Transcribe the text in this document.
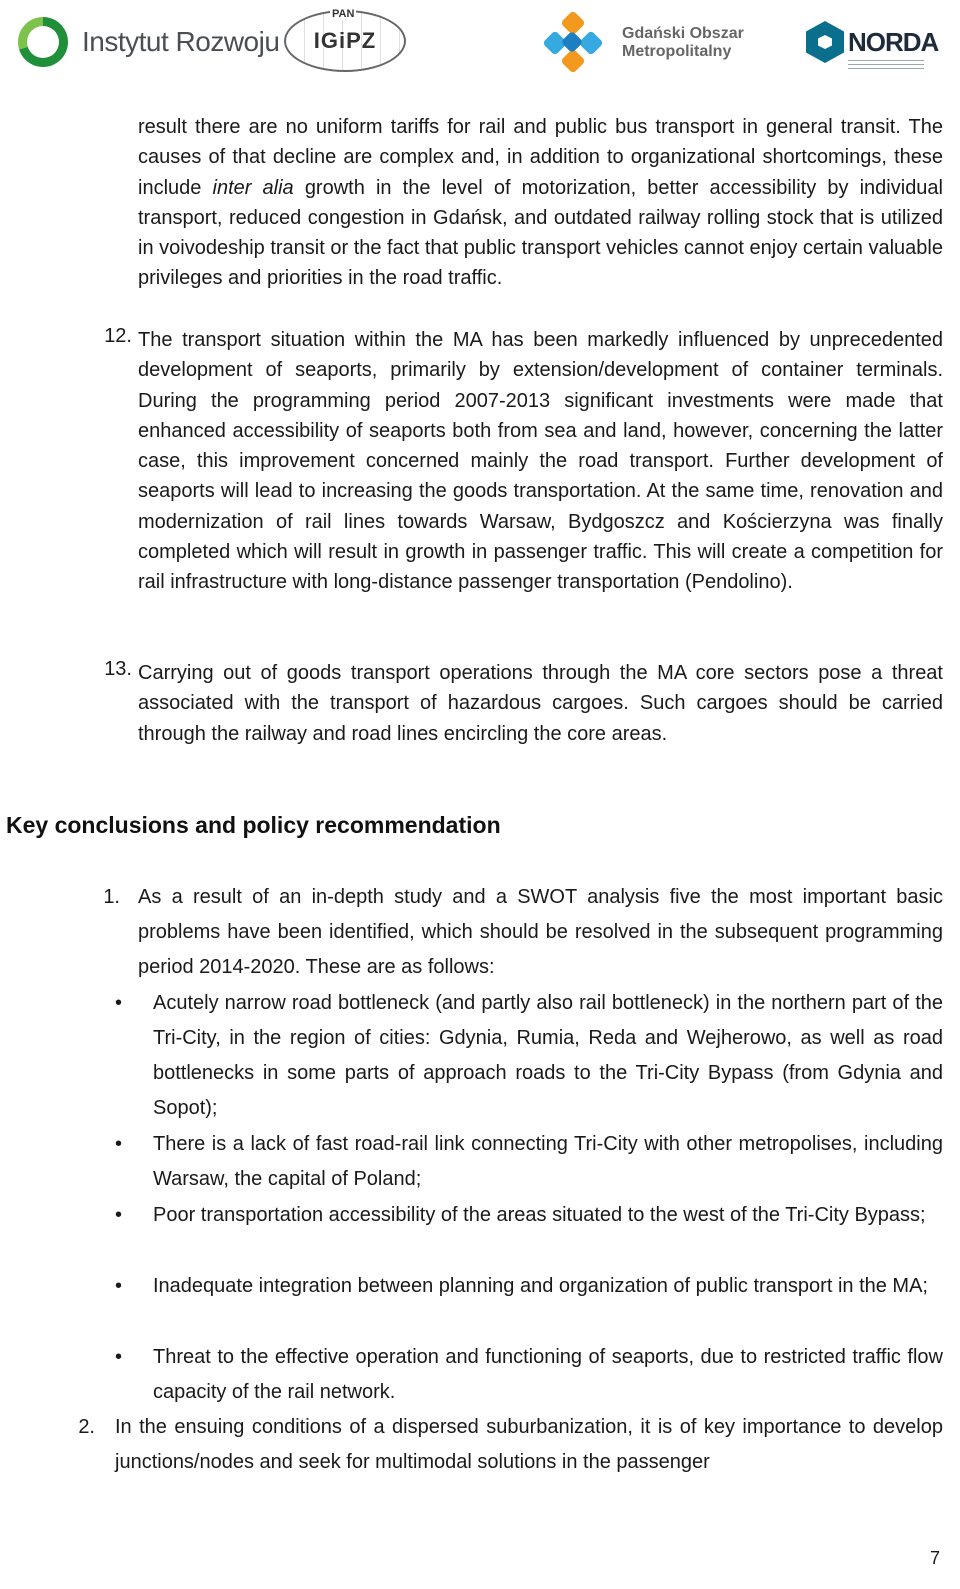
Instytut Rozwoju
PAN
IGiPZ	Gdański Obszar
Metropolitalny	NORDA
result there are no uniform tariffs for rail and public bus transport in general transit. The causes of that decline are complex and, in addition to organizational shortcomings, these include inter alia growth in the level of motorization, better accessibility by individual transport, reduced congestion in Gdańsk, and outdated railway rolling stock that is utilized in voivodeship transit or the fact that public transport vehicles cannot enjoy certain valuable privileges and priorities in the road traffic.
12. The transport situation within the MA has been markedly influenced by unprecedented development of seaports, primarily by extension/development of container terminals. During the programming period 2007-2013 significant investments were made that enhanced accessibility of seaports both from sea and land, however, concerning the latter case, this improvement concerned mainly the road transport. Further development of seaports will lead to increasing the goods transportation. At the same time, renovation and modernization of rail lines towards Warsaw, Bydgoszcz and Kościerzyna was finally completed which will result in growth in passenger traffic. This will create a competition for rail infrastructure with long-distance passenger transportation (Pendolino).
13. Carrying out of goods transport operations through the MA core sectors pose a threat associated with the transport of hazardous cargoes. Such cargoes should be carried through the railway and road lines encircling the core areas.
Key conclusions and policy recommendation
1. As a result of an in-depth study and a SWOT analysis five the most important basic problems have been identified, which should be resolved in the subsequent programming period 2014-2020. These are as follows:
• Acutely narrow road bottleneck (and partly also rail bottleneck) in the northern part of the Tri-City, in the region of cities: Gdynia, Rumia, Reda and Wejherowo, as well as road bottlenecks in some parts of approach roads to the Tri-City Bypass (from Gdynia and Sopot);
• There is a lack of fast road-rail link connecting Tri-City with other metropolises, including Warsaw, the capital of Poland;
• Poor transportation accessibility of the areas situated to the west of the Tri-City Bypass;
• Inadequate integration between planning and organization of public transport in the MA;
• Threat to the effective operation and functioning of seaports, due to restricted traffic flow capacity of the rail network.
2. In the ensuing conditions of a dispersed suburbanization, it is of key importance to develop junctions/nodes and seek for multimodal solutions in the passenger
7
